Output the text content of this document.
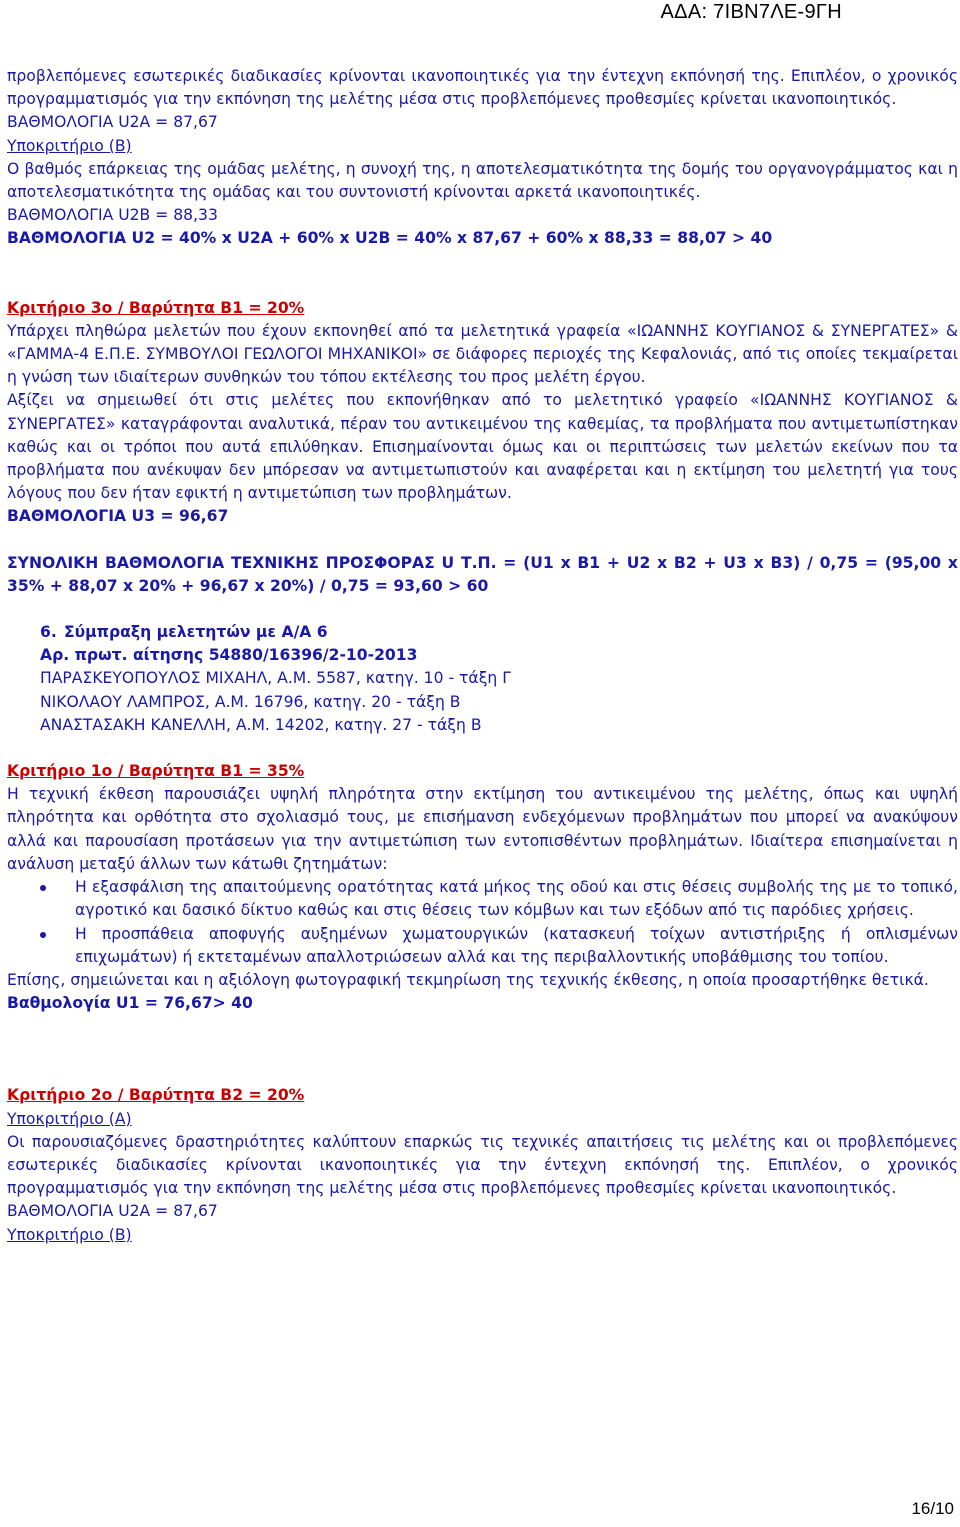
ΑΔΑ: 7ΙΒΝ7ΛΕ-9ΓΗ

προβλεπόμενες εσωτερικές διαδικασίες κρίνονται ικανοποιητικές για την έντεχνη εκπόνησή της. Επιπλέον, ο χρονικός προγραμματισμός για την εκπόνηση της μελέτης μέσα στις προβλεπόμενες προθεσμίες κρίνεται ικανοποιητικός.

ΒΑΘΜΟΛΟΓΙΑ U2A = 87,67

Υποκριτήριο (Β)

Ο βαθμός επάρκειας της ομάδας μελέτης, η συνοχή της, η αποτελεσματικότητα της δομής του οργανογράμματος και η αποτελεσματικότητα της ομάδας και του συντονιστή κρίνονται αρκετά ικανοποιητικές.

ΒΑΘΜΟΛΟΓΙΑ U2B = 88,33

ΒΑΘΜΟΛΟΓΙΑ U2 = 40% x U2A + 60% x U2B = 40% x 87,67 + 60% x 88,33 = 88,07 > 40

Κριτήριο 3ο / Βαρύτητα Β1 = 20%

Υπάρχει πληθώρα μελετών που έχουν εκπονηθεί από τα μελετητικά γραφεία «ΙΩΑΝΝΗΣ ΚΟΥΓΙΑΝΟΣ & ΣΥΝΕΡΓΑΤΕΣ» & «ΓΑΜΜΑ-4 Ε.Π.Ε. ΣΥΜΒΟΥΛΟΙ ΓΕΩΛΟΓΟΙ ΜΗΧΑΝΙΚΟΙ» σε διάφορες περιοχές της Κεφαλονιάς, από τις οποίες τεκμαίρεται η γνώση των ιδιαίτερων συνθηκών του τόπου εκτέλεσης του προς μελέτη έργου.

Αξίζει να σημειωθεί ότι στις μελέτες που εκπονήθηκαν από το μελετητικό γραφείο «ΙΩΑΝΝΗΣ ΚΟΥΓΙΑΝΟΣ & ΣΥΝΕΡΓΑΤΕΣ» καταγράφονται αναλυτικά, πέραν του αντικειμένου της καθεμίας, τα προβλήματα που αντιμετωπίστηκαν καθώς και οι τρόποι που αυτά επιλύθηκαν. Επισημαίνονται όμως και οι περιπτώσεις των μελετών εκείνων που τα προβλήματα που ανέκυψαν δεν μπόρεσαν να αντιμετωπιστούν και αναφέρεται και η εκτίμηση του μελετητή για τους λόγους που δεν ήταν εφικτή η αντιμετώπιση των προβλημάτων.

ΒΑΘΜΟΛΟΓΙΑ U3 = 96,67

ΣΥΝΟΛΙΚΗ ΒΑΘΜΟΛΟΓΙΑ ΤΕΧΝΙΚΗΣ ΠΡΟΣΦΟΡΑΣ U Τ.Π. = (U1 x B1 + U2 x B2 + U3 x B3) / 0,75 = (95,00 x 35% + 88,07 x 20% + 96,67 x 20%) / 0,75 = 93,60 > 60

6. Σύμπραξη μελετητών με Α/Α 6

Αρ. πρωτ. αίτησης 54880/16396/2-10-2013

ΠΑΡΑΣΚΕΥΟΠΟΥΛΟΣ ΜΙΧΑΗΛ, Α.Μ. 5587, κατηγ. 10 - τάξη Γ

ΝΙΚΟΛΑΟΥ ΛΑΜΠΡΟΣ, Α.Μ. 16796, κατηγ. 20 - τάξη Β

ΑΝΑΣΤΑΣΑΚΗ ΚΑΝΕΛΛΗ, Α.Μ. 14202, κατηγ. 27 - τάξη Β

Κριτήριο 1ο / Βαρύτητα Β1 = 35%

Η τεχνική έκθεση παρουσιάζει υψηλή πληρότητα στην εκτίμηση του αντικειμένου της μελέτης, όπως και υψηλή πληρότητα και ορθότητα στο σχολιασμό τους, με επισήμανση ενδεχόμενων προβλημάτων που μπορεί να ανακύψουν αλλά και παρουσίαση προτάσεων για την αντιμετώπιση των εντοπισθέντων προβλημάτων. Ιδιαίτερα επισημαίνεται η ανάλυση μεταξύ άλλων των κάτωθι ζητημάτων:

Η εξασφάλιση της απαιτούμενης ορατότητας κατά μήκος της οδού και στις θέσεις συμβολής της με το τοπικό, αγροτικό και δασικό δίκτυο καθώς και στις θέσεις των κόμβων και των εξόδων από τις παρόδιες χρήσεις.
Η προσπάθεια αποφυγής αυξημένων χωματουργικών (κατασκευή τοίχων αντιστήριξης ή οπλισμένων επιχωμάτων) ή εκτεταμένων απαλλοτριώσεων αλλά και της περιβαλλοντικής υποβάθμισης του τοπίου.

Επίσης, σημειώνεται και η αξιόλογη φωτογραφική τεκμηρίωση της τεχνικής έκθεσης, η οποία προσαρτήθηκε θετικά.

Βαθμολογία U1 = 76,67> 40

Κριτήριο 2ο / Βαρύτητα Β2 = 20%

Υποκριτήριο (Α)

Οι παρουσιαζόμενες δραστηριότητες καλύπτουν επαρκώς τις τεχνικές απαιτήσεις τις μελέτης και οι προβλεπόμενες εσωτερικές διαδικασίες κρίνονται ικανοποιητικές για την έντεχνη εκπόνησή της. Επιπλέον, ο χρονικός προγραμματισμός για την εκπόνηση της μελέτης μέσα στις προβλεπόμενες προθεσμίες κρίνεται ικανοποιητικός.

ΒΑΘΜΟΛΟΓΙΑ U2A = 87,67

Υποκριτήριο (Β)

16/10
